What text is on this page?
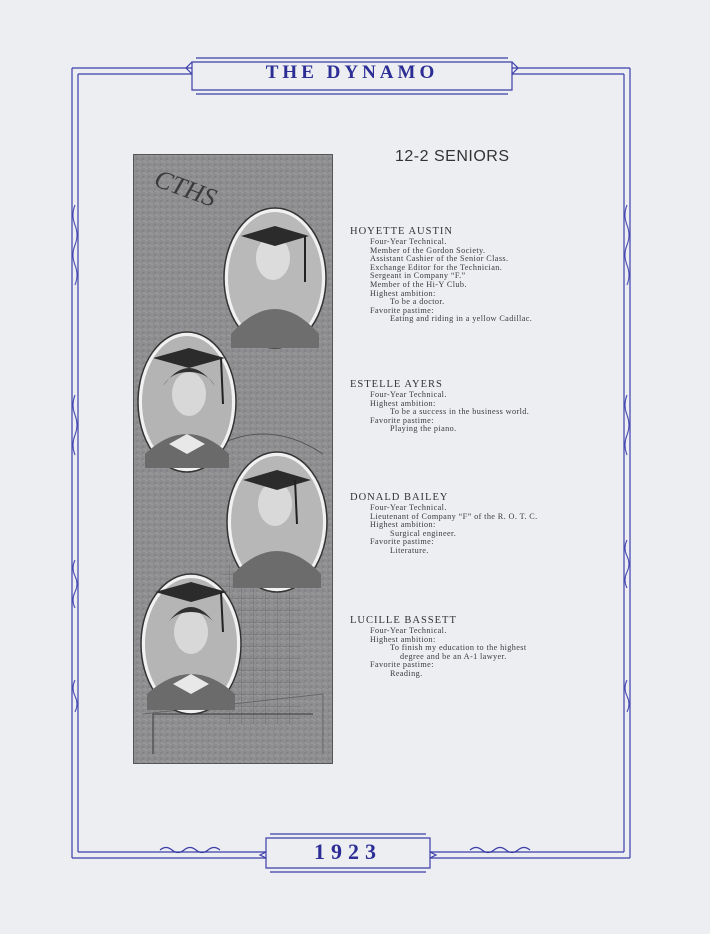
THE DYNAMO
1923
CTHS
12-2 SENIORS
HOYETTE AUSTIN
Four-Year Technical.
Member of the Gordon Society.
Assistant Cashier of the Senior Class.
Exchange Editor for the Technician.
Sergeant in Company “F.”
Member of the Hi-Y Club.
Highest ambition:
To be a doctor.
Favorite pastime:
Eating and riding in a yellow Cadillac.
ESTELLE AYERS
Four-Year Technical.
Highest ambition:
To be a success in the business world.
Favorite pastime:
Playing the piano.
DONALD BAILEY
Four-Year Technical.
Lieutenant of Company “F” of the R. O. T. C.
Highest ambition:
Surgical engineer.
Favorite pastime:
Literature.
LUCILLE BASSETT
Four-Year Technical.
Highest ambition:
To finish my education to the highest
degree and be an A-1 lawyer.
Favorite pastime:
Reading.
